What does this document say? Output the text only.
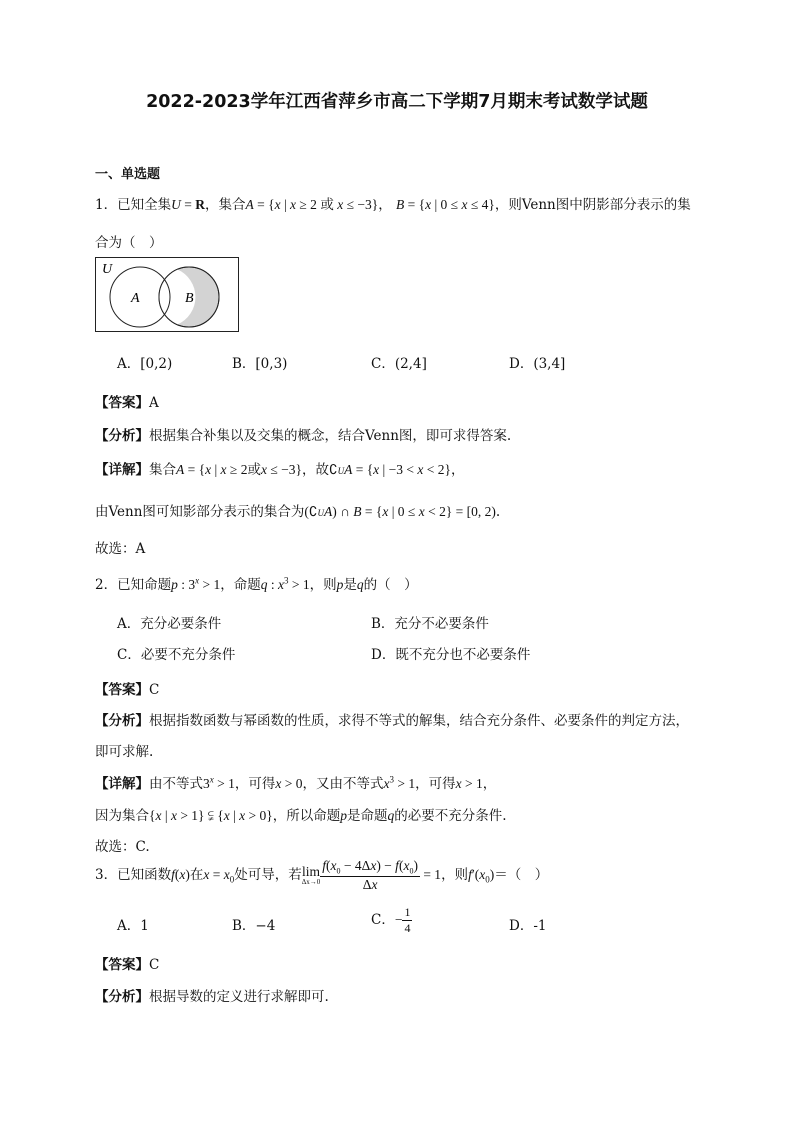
2022-2023学年江西省萍乡市高二下学期7月期末考试数学试题
一、单选题
1．已知全集U = R，集合A = {x | x ≥ 2 或 x ≤ −3}， B = {x | 0 ≤ x ≤ 4}，则Venn图中阴影部分表示的集
合为（　）
U
A	B
A．[0,2)	B．[0,3)	C．(2,4]	D．(3,4]
【答案】A
【分析】根据集合补集以及交集的概念，结合Venn图，即可求得答案.
【详解】集合A = {x | x ≥ 2或x ≤ −3}，故∁UA = {x | −3 < x < 2}，
由Venn图可知影部分表示的集合为(∁UA) ∩ B = {x | 0 ≤ x < 2} = [0, 2).
故选：A
2．已知命题p : $3^x > 1$，命题q : $x^3 > 1$，则p是q的（　）
A．充分必要条件	B．充分不必要条件
C．必要不充分条件	D．既不充分也不必要条件
【答案】C
【分析】根据指数函数与幂函数的性质，求得不等式的解集，结合充分条件、必要条件的判定方法，
即可求解.
【详解】由不等式$3^x > 1$，可得x > 0，又由不等式$x^3 > 1$，可得x > 1，
因为集合{x | x > 1} ⫋ {x | x > 0}，所以命题p是命题q的必要不充分条件.
故选：C.
3．已知函数f(x)在$x = x_0$处可导，若lim
$\Delta x\to 0 \frac{f(x_0 - 4\Delta x) - f(x_0)}{\Delta x} = 1$，则$f'(x_0)=$（　）
A．1	B．−4	C．− $\frac{1}{4}$	D．-1
【答案】C
【分析】根据导数的定义进行求解即可.
